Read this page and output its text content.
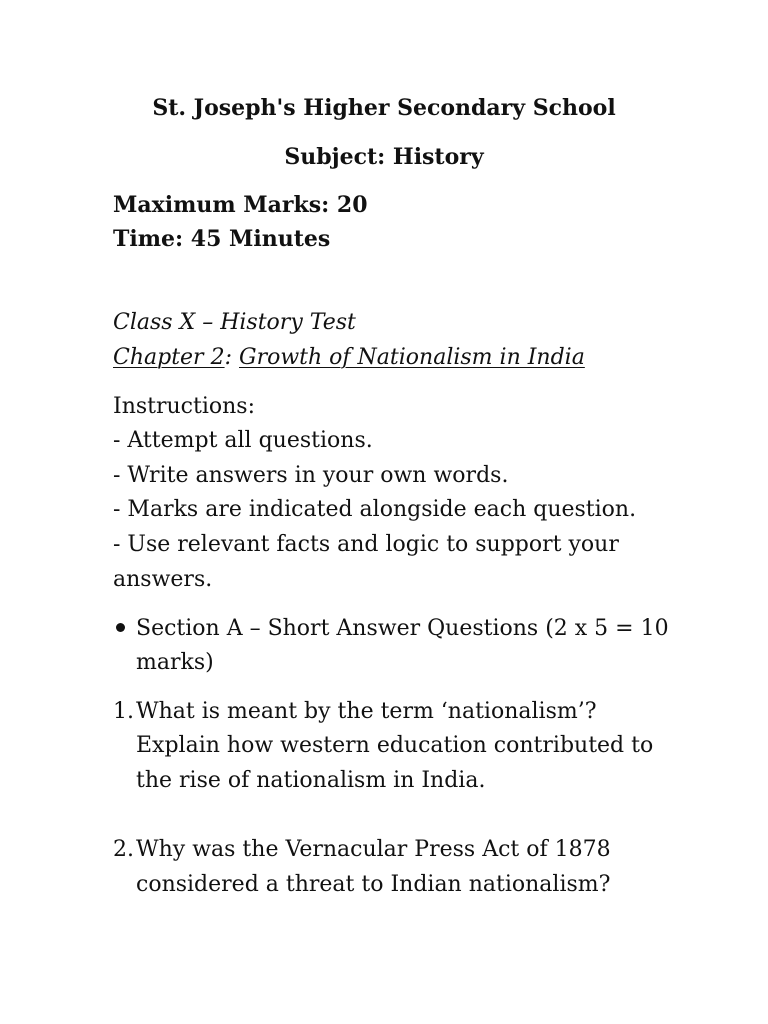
St. Joseph's Higher Secondary School
Subject: History
Maximum Marks: 20
Time: 45 Minutes
Class X – History Test
Chapter 2: Growth of Nationalism in India
Instructions:
- Attempt all questions.
- Write answers in your own words.
- Marks are indicated alongside each question.
- Use relevant facts and logic to support your
answers.
Section A – Short Answer Questions (2 x 5 = 10
marks)
1. What is meant by the term ‘nationalism’?
Explain how western education contributed to
the rise of nationalism in India.
2. Why was the Vernacular Press Act of 1878
considered a threat to Indian nationalism?
